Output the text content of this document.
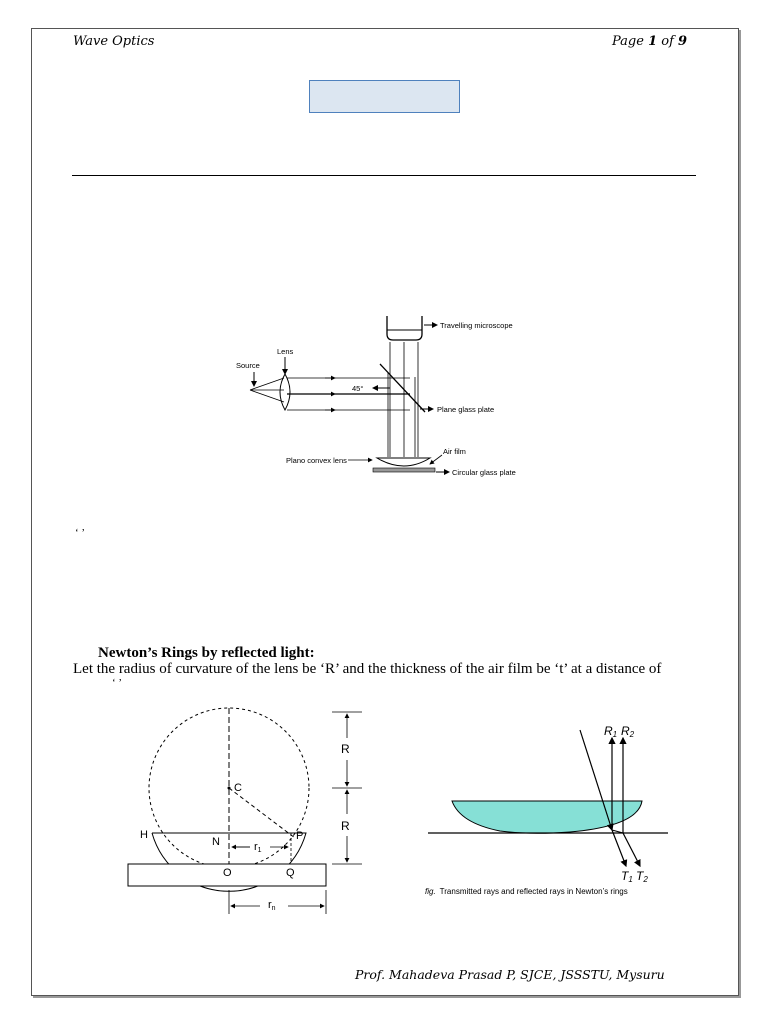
Wave Optics	Page 1 of 9
Travelling microscope
Lens
Source
45°
Plane glass plate
Air film
Plano convex lens
Circular glass plate
‘ ’
Newton’s Rings by reflected light:
Let the radius of curvature of the lens be ‘R’ and the thickness of the air film be ‘t’ at a distance of
‘ ’
C
H
N	P
r1
O	Q
rn
R
R
R1 R2
T1 T2
fig. Transmitted rays and reflected rays in Newton’s rings
Prof. Mahadeva Prasad P, SJCE, JSSSTU, Mysuru
